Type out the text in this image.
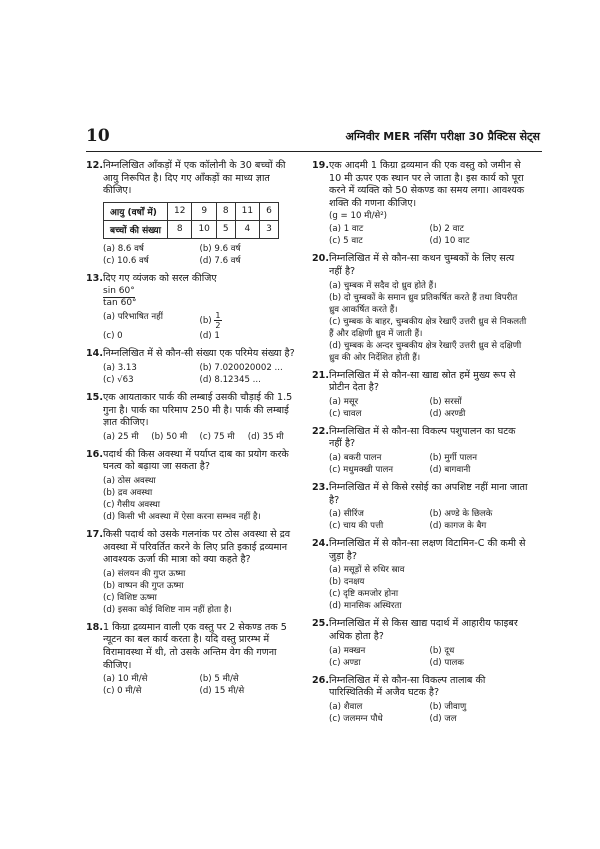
10	अग्निवीर MER नर्सिंग परीक्षा 30 प्रैक्टिस सेट्स
12. निम्नलिखित आँकड़ों में एक कॉलोनी के 30 बच्चों की आयु निरूपित है। दिए गए आँकड़ों का माध्य ज्ञात कीजिए।
आयु (वर्षों में)	12	9	8	11	6
बच्चों की संख्या	8	10	5	4	3
(a) 8.6 वर्ष	(b) 9.6 वर्ष
(c) 10.6 वर्ष	(d) 7.6 वर्ष
13. दिए गए व्यंजक को सरल कीजिए
sin 60°
tan 60°
(a) परिभाषित नहीं	$(b) \frac{1}{2}$
(c) 0	(d) 1
14. निम्नलिखित में से कौन-सी संख्या एक परिमेय संख्या है?
(a) 3.13	(b) 7.020020002 ...
(c) √63	(d) 8.12345 ...
15. एक आयताकार पार्क की लम्बाई उसकी चौड़ाई की 1.5 गुना है। पार्क का परिमाप 250 मी है। पार्क की लम्बाई ज्ञात कीजिए।
(a) 25 मी	(b) 50 मी	(c) 75 मी	(d) 35 मी
16. पदार्थ की किस अवस्था में पर्याप्त दाब का प्रयोग करके घनत्व को बढ़ाया जा सकता है?
(a) ठोस अवस्था
(b) द्रव अवस्था
(c) गैसीय अवस्था
(d) किसी भी अवस्था में ऐसा करना सम्भव नहीं है।
17. किसी पदार्थ को उसके गलनांक पर ठोस अवस्था से द्रव अवस्था में परिवर्तित करने के लिए प्रति इकाई द्रव्यमान आवश्यक ऊर्जा की मात्रा को क्या कहते है?
(a) संलयन की गुप्त ऊष्मा
(b) वाष्पन की गुप्त ऊष्मा
(c) विशिष्ट ऊष्मा
(d) इसका कोई विशिष्ट नाम नहीं होता है।
18. 1 किग्रा द्रव्यमान वाली एक वस्तु पर 2 सेकण्ड तक 5 न्यूटन का बल कार्य करता है। यदि वस्तु प्रारम्भ में विरामावस्था में थी, तो उसके अन्तिम वेग की गणना कीजिए।
(a) 10 मी/से	(b) 5 मी/से
(c) 0 मी/से	(d) 15 मी/से
19. एक आदमी 1 किग्रा द्रव्यमान की एक वस्तु को जमीन से 10 मी ऊपर एक स्थान पर ले जाता है। इस कार्य को पूरा करने में व्यक्ति को 50 सेकण्ड का समय लगा। आवश्यक शक्ति की गणना कीजिए।
(g = 10 मी/से²)
(a) 1 वाट	(b) 2 वाट
(c) 5 वाट	(d) 10 वाट
20. निम्नलिखित में से कौन-सा कथन चुम्बकों के लिए सत्य नहीं है?
(a) चुम्बक में सदैव दो ध्रुव होते हैं।
(b) दो चुम्बकों के समान ध्रुव प्रतिकर्षित करते हैं तथा विपरीत ध्रुव आकर्षित करते हैं।
(c) चुम्बक के बाहर, चुम्बकीय क्षेत्र रेखाएँ उत्तरी ध्रुव से निकलती हैं और दक्षिणी ध्रुव में जाती हैं।
(d) चुम्बक के अन्दर चुम्बकीय क्षेत्र रेखाएँ उत्तरी ध्रुव से दक्षिणी ध्रुव की ओर निर्देशित होती हैं।
21. निम्नलिखित में से कौन-सा खाद्य स्रोत हमें मुख्य रूप से प्रोटीन देता है?
(a) मसूर	(b) सरसों
(c) चावल	(d) अरण्डी
22. निम्नलिखित में से कौन-सा विकल्प पशुपालन का घटक नहीं है?
(a) बकरी पालन	(b) मुर्गी पालन
(c) मधुमक्खी पालन	(d) बागवानी
23. निम्नलिखित में से किसे रसोई का अपशिष्ट नहीं माना जाता है?
(a) सीरिंज	(b) अण्डे के छिलके
(c) चाय की पत्ती	(d) कागज के बैग
24. निम्नलिखित में से कौन-सा लक्षण विटामिन-C की कमी से जुड़ा है?
(a) मसूड़ों से रुधिर स्राव
(b) दनक्षय
(c) दृष्टि कमजोर होना
(d) मानसिक अस्थिरता
25. निम्नलिखित में से किस खाद्य पदार्थ में आहारीय फाइबर अधिक होता है?
(a) मक्खन	(b) दूध
(c) अण्डा	(d) पालक
26. निम्नलिखित में से कौन-सा विकल्प तालाब की पारिस्थितिकी में अजैव घटक है?
(a) शैवाल	(b) जीवाणु
(c) जलमग्न पौधे	(d) जल
